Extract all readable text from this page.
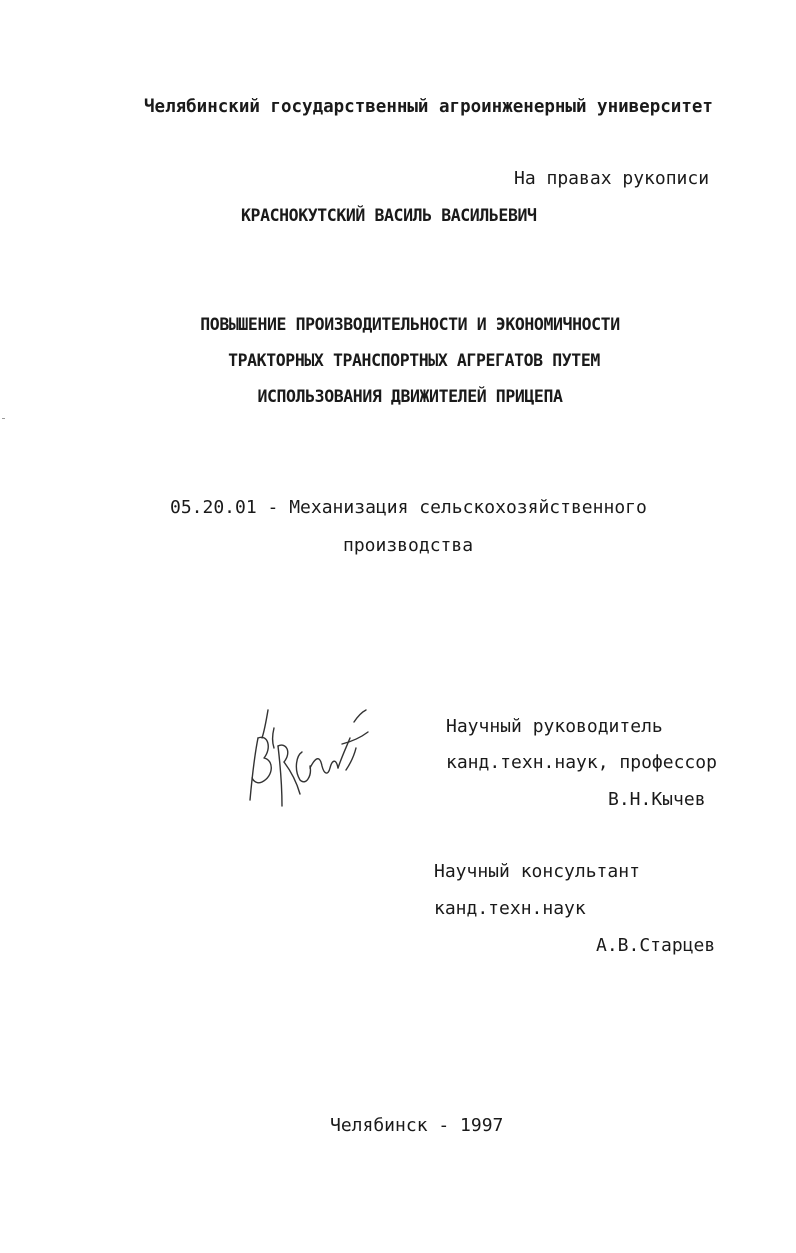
Челябинский государственный агроинженерный университет
На правах рукописи
КРАСНОКУТСКИЙ ВАСИЛЬ ВАСИЛЬЕВИЧ
ПОВЫШЕНИЕ ПРОИЗВОДИТЕЛЬНОСТИ И ЭКОНОМИЧНОСТИ
ТРАКТОРНЫХ ТРАНСПОРТНЫХ АГРЕГАТОВ ПУТЕМ
ИСПОЛЬЗОВАНИЯ ДВИЖИТЕЛЕЙ ПРИЦЕПА
05.20.01 - Механизация сельскохозяйственного
производства
Научный руководитель
канд.техн.наук, профессор
В.Н.Кычев
Научный консультант
канд.техн.наук
А.В.Старцев
Челябинск - 1997
